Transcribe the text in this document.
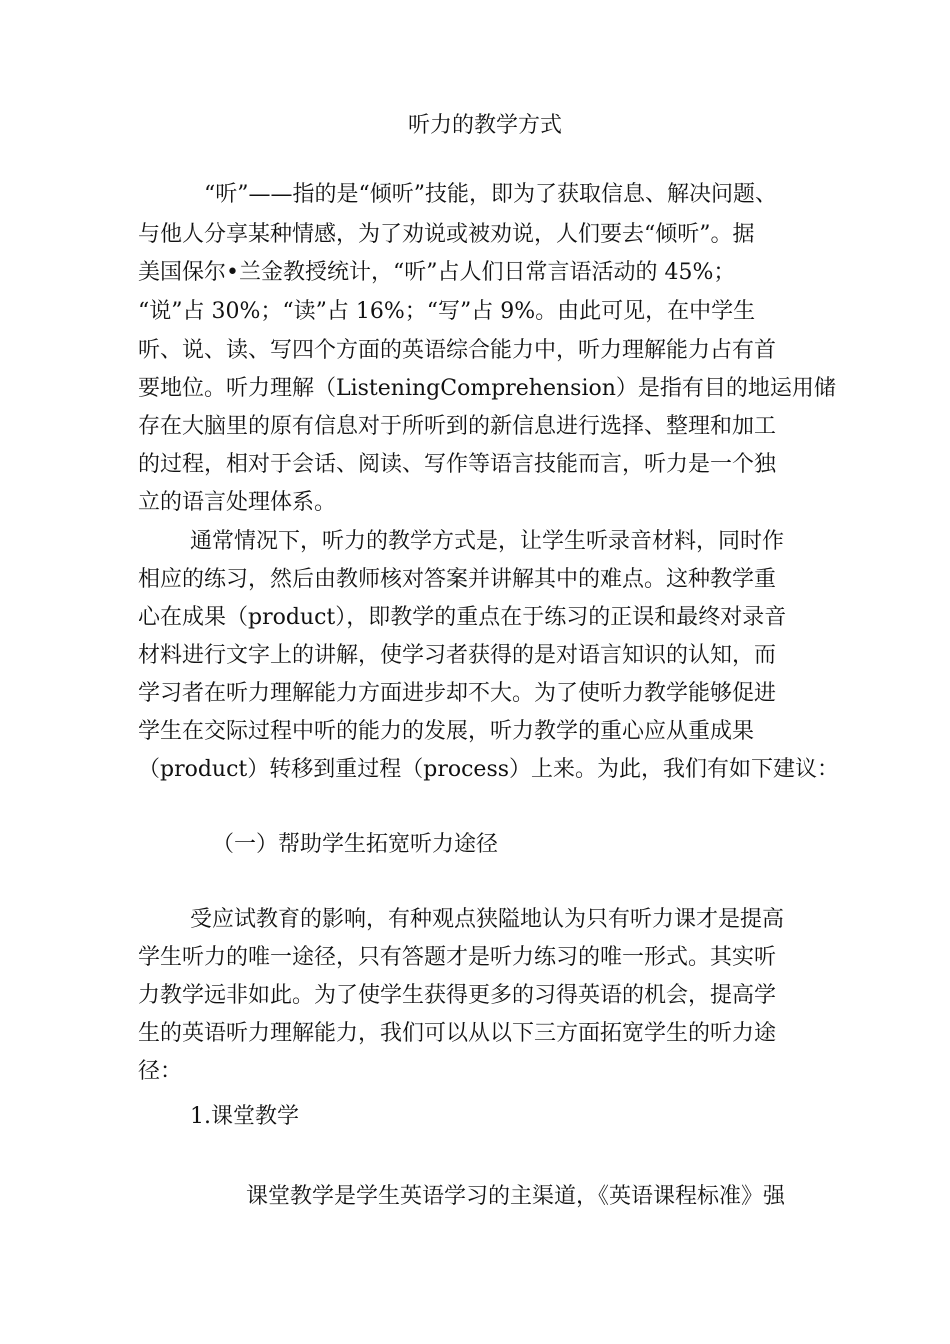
听力的教学方式

“听”——指的是“倾听”技能，即为了获取信息、解决问题、

与他人分享某种情感，为了劝说或被劝说，人们要去“倾听”。据

美国保尔•兰金教授统计，“听”占人们日常言语活动的 45%；

“说”占 30%；“读”占 16%；“写”占 9%。由此可见，在中学生

听、说、读、写四个方面的英语综合能力中，听力理解能力占有首

要地位。听力理解（ListeningComprehension）是指有目的地运用储

存在大脑里的原有信息对于所听到的新信息进行选择、整理和加工

的过程，相对于会话、阅读、写作等语言技能而言，听力是一个独

立的语言处理体系。

通常情况下，听力的教学方式是，让学生听录音材料，同时作

相应的练习，然后由教师核对答案并讲解其中的难点。这种教学重

心在成果（product），即教学的重点在于练习的正误和最终对录音

材料进行文字上的讲解，使学习者获得的是对语言知识的认知，而

学习者在听力理解能力方面进步却不大。为了使听力教学能够促进

学生在交际过程中听的能力的发展，听力教学的重心应从重成果

（product）转移到重过程（process）上来。为此，我们有如下建议：

（一）帮助学生拓宽听力途径

受应试教育的影响，有种观点狭隘地认为只有听力课才是提高

学生听力的唯一途径，只有答题才是听力练习的唯一形式。其实听

力教学远非如此。为了使学生获得更多的习得英语的机会，提高学

生的英语听力理解能力，我们可以从以下三方面拓宽学生的听力途

径：

1.课堂教学

课堂教学是学生英语学习的主渠道，《英语课程标准》强
